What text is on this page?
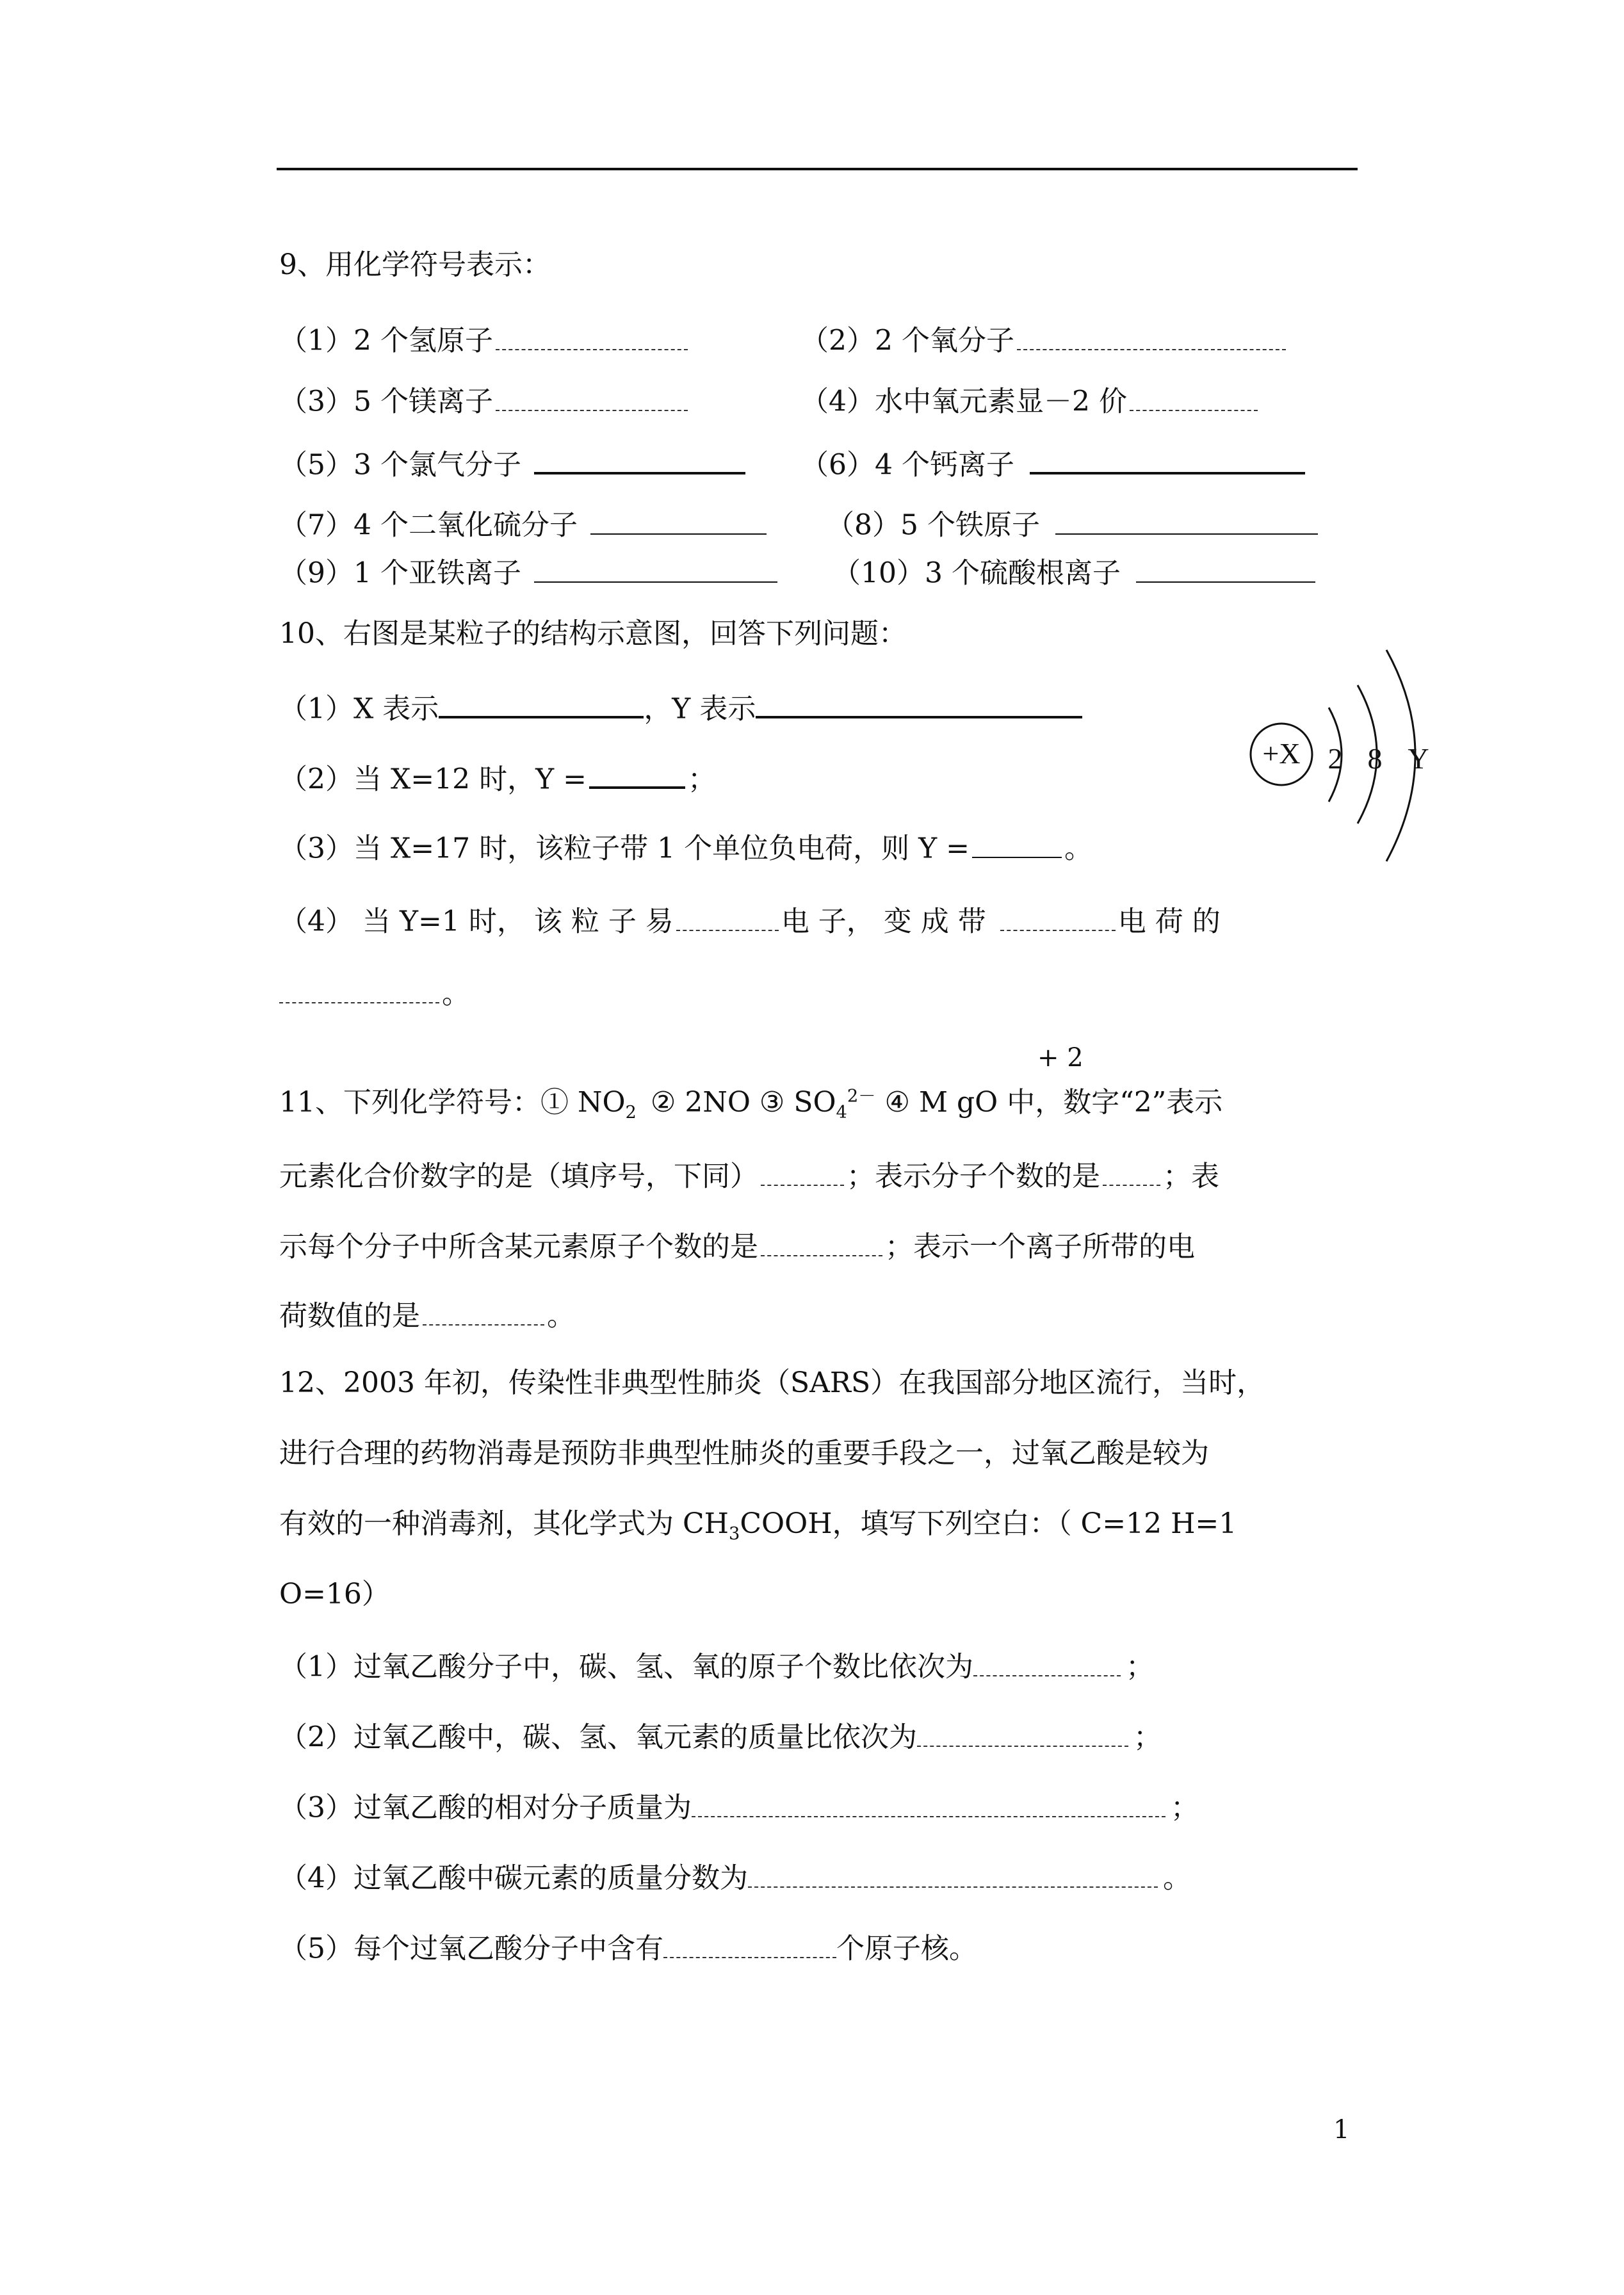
9、用化学符号表示：
（1）2 个氢原子	（2）2 个氧分子
（3）5 个镁离子	（4）水中氧元素显－2 价
（5）3 个氯气分子	（6）4 个钙离子
（7）4 个二氧化硫分子	（8）5 个铁原子
（9）1 个亚铁离子	（10）3 个硫酸根离子
10、右图是某粒子的结构示意图，回答下列问题：
（1）X 表示	，Y 表示
（2）当 X=12 时，Y =	；
（3）当 X=17 时，该粒子带 1 个单位负电荷，则 Y =	。
（4） 当 Y=1 时， 该 粒 子 易	电 子， 变 成 带	电 荷 的
。
+X 2 8 Y
+ 2
11、下列化学符号：① $NO_2$ ② 2NO ③ $SO_4^{2-}$ ④ M gO 中，数字“2”表示
元素化合价数字的是（填序号，下同）	；表示分子个数的是 ；表
示每个分子中所含某元素原子个数的是	；表示一个离子所带的电
荷数值的是	。
12、2003 年初，传染性非典型性肺炎（SARS）在我国部分地区流行，当时，
进行合理的药物消毒是预防非典型性肺炎的重要手段之一，过氧乙酸是较为
有效的一种消毒剂，其化学式为 $CH_3COOH$，填写下列空白：（ C=12 H=1
O=16）
（1）过氧乙酸分子中，碳、氢、氧的原子个数比依次为	；
（2）过氧乙酸中，碳、氢、氧元素的质量比依次为	；
（3）过氧乙酸的相对分子质量为	；
（4）过氧乙酸中碳元素的质量分数为	。
（5）每个过氧乙酸分子中含有	个原子核。
1
